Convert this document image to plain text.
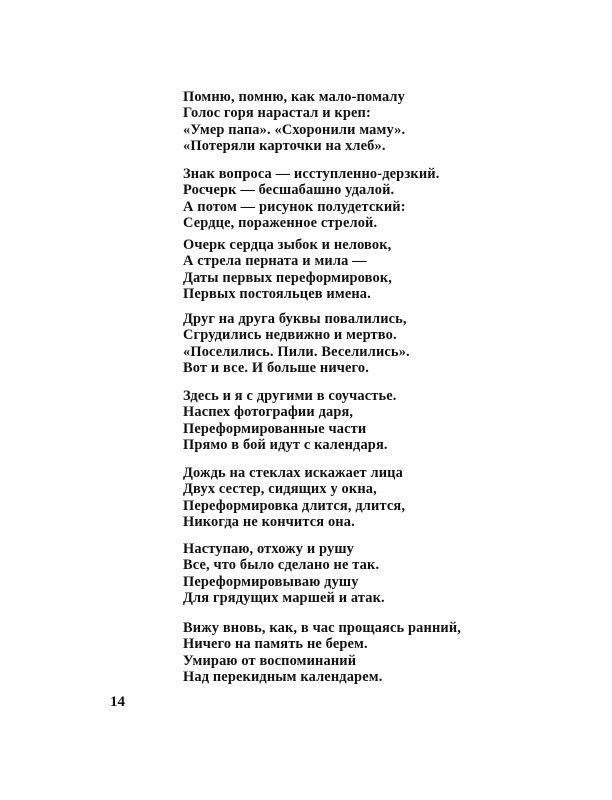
Помню, помню, как мало-помалу
Голос горя нарастал и креп:
«Умер папа». «Схоронили маму».
«Потеряли карточки на хлеб».
Знак вопроса — исступленно-дерзкий.
Росчерк — бесшабашно удалой.
А потом — рисунок полудетский:
Сердце, пораженное стрелой.
Очерк сердца зыбок и неловок,
А стрела перната и мила —
Даты первых переформировок,
Первых постояльцев имена.
Друг на друга буквы повалились,
Сгрудились недвижно и мертво.
«Поселились. Пили. Веселились».
Вот и все. И больше ничего.
Здесь и я с другими в соучастье.
Наспех фотографии даря,
Переформированные части
Прямо в бой идут с календаря.
Дождь на стеклах искажает лица
Двух сестер, сидящих у окна,
Переформировка длится, длится,
Никогда не кончится она.
Наступаю, отхожу и рушу
Все, что было сделано не так.
Переформировываю душу
Для грядущих маршей и атак.
Вижу вновь, как, в час прощаясь ранний,
Ничего на память не берем.
Умираю от воспоминаний
Над перекидным календарем.
14
